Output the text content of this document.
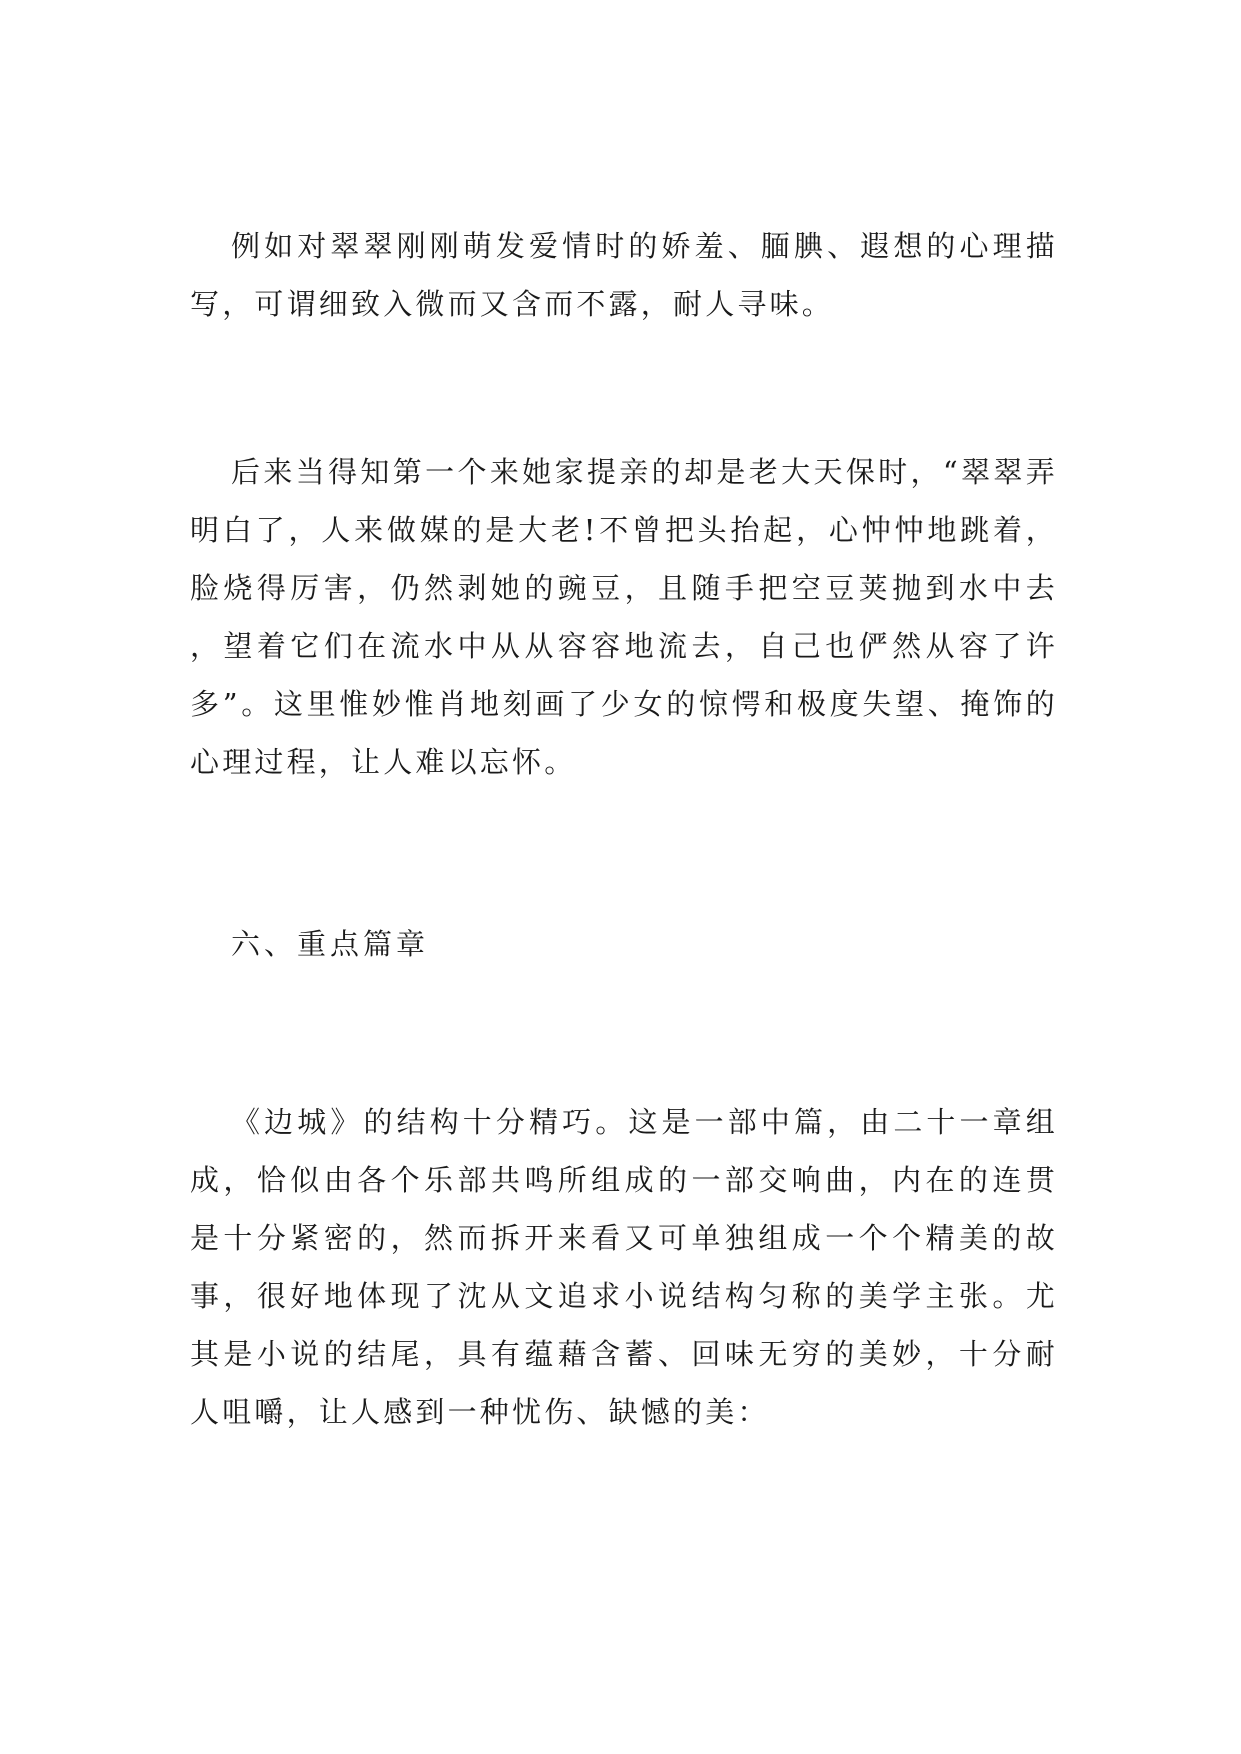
例如对翠翠刚刚萌发爱情时的娇羞、腼腆、遐想的心理描写，可谓细致入微而又含而不露，耐人寻味。

后来当得知第一个来她家提亲的却是老大天保时，“翠翠弄明白了，人来做媒的是大老!不曾把头抬起，心忡忡地跳着，脸烧得厉害，仍然剥她的豌豆，且随手把空豆荚抛到水中去，望着它们在流水中从从容容地流去，自己也俨然从容了许多”。这里惟妙惟肖地刻画了少女的惊愕和极度失望、掩饰的心理过程，让人难以忘怀。

六、重点篇章

《边城》的结构十分精巧。这是一部中篇，由二十一章组成，恰似由各个乐部共鸣所组成的一部交响曲，内在的连贯是十分紧密的，然而拆开来看又可单独组成一个个精美的故事，很好地体现了沈从文追求小说结构匀称的美学主张。尤其是小说的结尾，具有蕴藉含蓄、回味无穷的美妙，十分耐人咀嚼，让人感到一种忧伤、缺憾的美：
